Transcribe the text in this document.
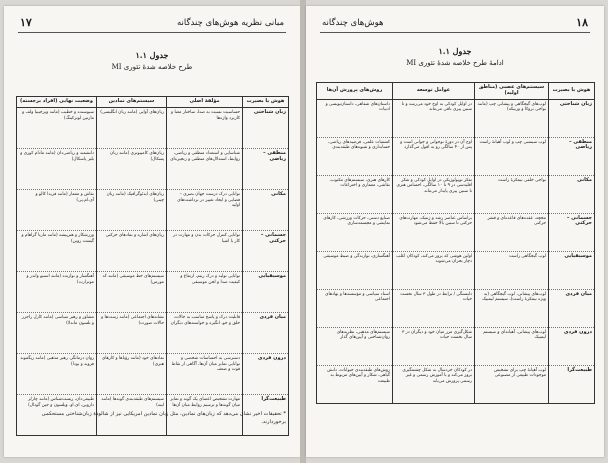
۱۷	مبانی نظریه هوش‌های چندگانه
جدول ۱.۱
طرح خلاصه شدهٔ تئوری MI
هوش یا بصیرت	مؤلفهٔ اصلی	سیستم‌های نمادین	وضعیت نهایی (افراد برجسته)
زبان شناختی	حساسیت نسبت به صدا، ساختار معنا و کاربرد واژه‌ها	زبان‌های آوایی (مانند زبان انگلیسی)	سیوسنده و خطیب (مانند ویرجینیا ولف و مارتین لوترکینگ)
منطقی – ریاضی	شناسایی و استعداد منطقی و ریاضی، روابط، استدلال‌های منطقی و زنجیره‌ای	زبان‌های کامپیوتری (مانند زبان پسکال)	دانشمند و ریاضی‌دان (مانند مادام کوری و بلیز پاسکال)
مکانی	توانایی درک درست جهان بصری – فضایی و ایجاد تغییر در برداشت‌های اولیه	زبان‌های ایدئوگرافیک (مانند زبان چینی)	نقاش و معمار (مانند فریدا کالو و آی.ام.پی)
جسمانی – حرکتی	توانایی کنترل حرکات بدن و مهارت در کار با اشیا	زبان‌های اشاره و نمادهای حرکتی	ورزشکار و هنرپیشه (مانند مارتا گراهام و گیست روبن)
موسیقیایی	توانایی تولید و درک ریتم، ارتفاع و کیفیت صدا و لحن موسیقی	سیستم‌های خط موسیقی (مانند کد مورس)	آهنگساز و نوازنده (مانند استیو واندر و موتزارت)
میان فردی	قابلیت درک و پاسخ مناسب به حالات، خلق و خو، انگیزه و خواسته‌های دیگران	نشانه‌های اجتماعی (مانند ژست‌ها و حالات صورت)	مشاور و رهبر سیاسی (مانند کارل راجرز و نلسون ماندلا)
درون فردی	دسترسی به احساسات شخصی و توانایی تمایز میان آن‌ها، آگاهی از نقاط قوت و ضعف	نمادهای خود (مانند رؤیاها و کارهای هنری)	روان درمانگر، رهبر مذهبی (مانند زیگموند فروید و بودا)
طبیعت‌گرا	مهارت تشخیص اعضای یک گونه و تمایز میان گونه‌ها و ترسیم روابط میان آن‌ها	سیستم‌های طبقه‌بندی گونه‌ها (مانند لینه)	طبیعی‌دان، زیست‌شناس (مانند چارلز داروین، ای.او. ویلسون و جین گودال)
* تحقیقات اخیر نشان می‌دهد که زبان‌های نمادین، مثل زبان نمادین امریکایی نیز از شالودهٔ زبان‌شناختی مستحکمی برخوردارند.
۱۸
هوش‌های چندگانه
جدول ۱.۱
ادامهٔ طرح خلاصه شدهٔ تئوری MI
هوش یا بصیرت	سیستم‌های عصبی (مناطق اولیه)	عوامل توسعه	روش‌های پرورش آن‌ها
زبان شناختی	لوب‌های گیجگاهی و پیشانی چپ (مانند نواحی بروکا و ورنیکه)	در اوایل کودکی به اوج خود می‌رسد و تا سنین پیری باقی می‌ماند	داستان‌های شفاهی، داستان‌نویسی و ادبیات
منطقی – ریاضی	لوب سینسی چپ و لوب آهیانهٔ راست	اوج آن در دورهٔ نوجوانی و جوانی است و پس از ۴۰ سالگی رو به افول می‌گذارد	کشفیات علمی، فرضیه‌های ریاضی، حسابداری و شیوه‌های طبقه‌بندی
مکانی	نواحی خلفی نیمکرهٔ راست	تفکر توپولوژیکی در اوایل کودکی و تفکر اقلیدسی در ۹ تا ۱۰ سالگی، احساس هنری تا سنین پیری پایدار می‌ماند	کارهای هنری، سیستم‌های مکتوب، نقاشی، معماری و اختراعات
جسمانی – حرکتی	مخچه، عقده‌های قاعده‌ای و قشر حرکتی	براساس عناصر رشد و ژنتیک، مهارت‌های حرکتی تا سنین بالا حفظ می‌شود	صنایع دستی، حرکات ورزشی، کارهای نمایشی و مجسمه‌سازی
موسیقیایی	لوب گیجگاهی راست	اولین هوشی که بروز می‌کند، کودکان اغلب دچار بحران می‌شوند	آهنگسازی، نوازندگی و ضبط موسیقی
میان فردی	لوب‌های پیشانی، لوب گیجگاهی (به ویژه نیمکرهٔ راست)، سیستم لیمبیک	دلبستگی / ترابط در طول ۳ سال نخست حیات	اسناد سیاسی و مؤسسه‌ها و نهادهای اجتماعی
درون فردی	لوب‌های پیشانی، آهیانه‌ای و سیستم لیمبیک	شکل‌گیری مرز میان خود و دیگران در ۳ سال نخست حیات	سیستم‌های مذهبی، نظریه‌های روان‌شناختی و آیین‌های گذار
طبیعت‌گرا	لوب آهیانهٔ چپ برای تشخیص موجودات طبیعی از مصنوعی	در کودکان خردسال به شکل چشمگیری بروز می‌کند و با آموزش رسمی و غیر رسمی پرورش می‌یابد	روش‌های طبقه‌بندی حیوانات، دانش گیاهی، شکار و آیین‌های مربوط به طبیعت
